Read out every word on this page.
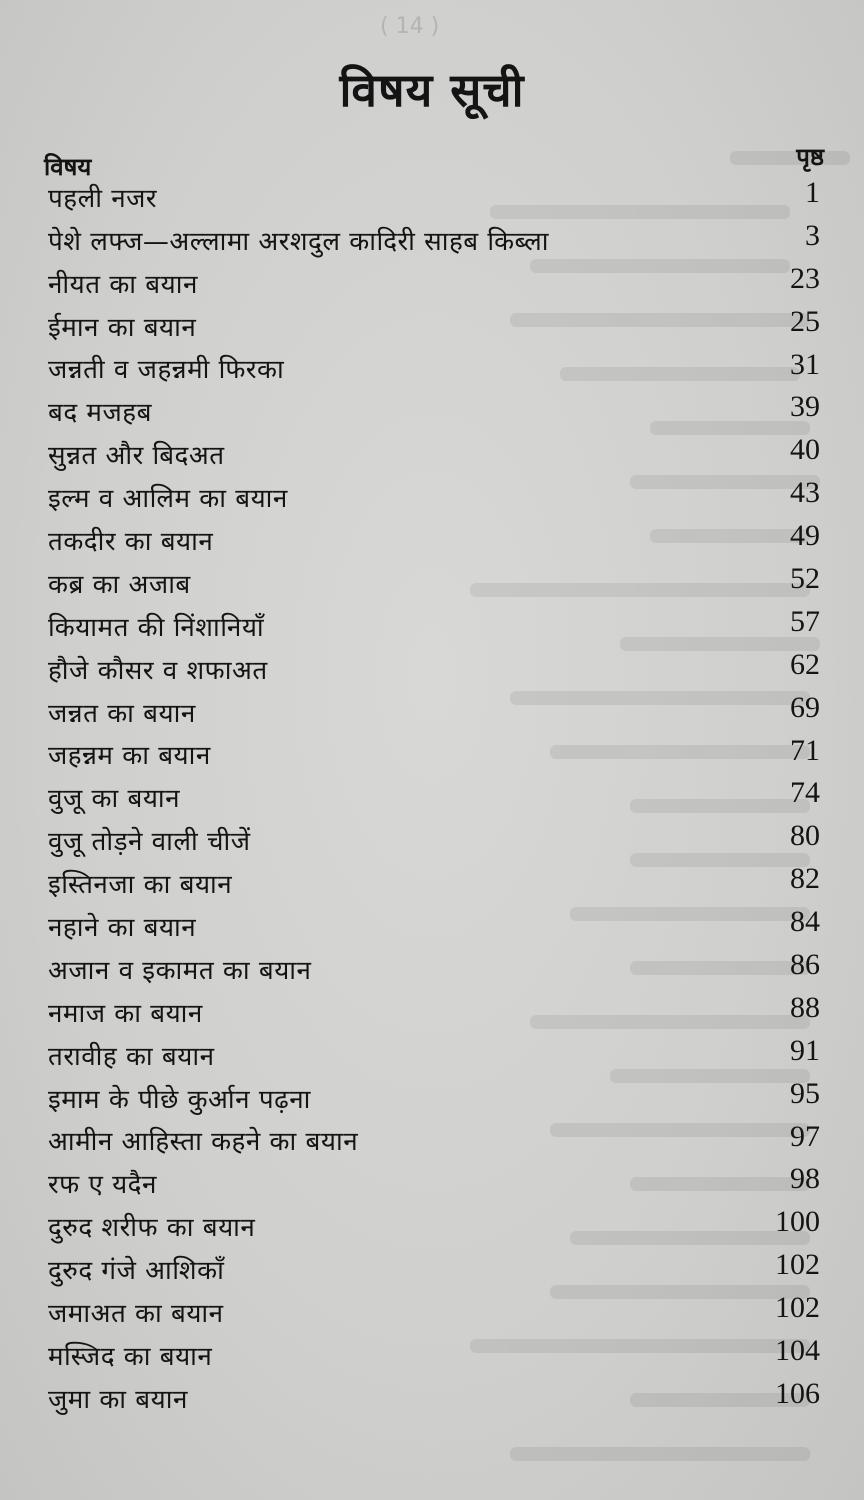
( 14 )
विषय सूची
विषय	पृष्ठ
पहली नजर	1
पेशे लफ्ज—अल्लामा अरशदुल कादिरी साहब किब्ला	3
नीयत का बयान	23
ईमान का बयान	25
जन्नती व जहन्नमी फिरका	31
बद मजहब	39
सुन्नत और बिदअत	40
इल्म व आलिम का बयान	43
तकदीर का बयान	49
कब्र का अजाब	52
कियामत की निंशानियाँ	57
हौजे कौसर व शफाअत	62
जन्नत का बयान	69
जहन्नम का बयान	71
वुजू का बयान	74
वुजू तोड़ने वाली चीजें	80
इस्तिनजा का बयान	82
नहाने का बयान	84
अजान व इकामत का बयान	86
नमाज का बयान	88
तरावीह का बयान	91
इमाम के पीछे कुर्आन पढ़ना	95
आमीन आहिस्ता कहने का बयान	97
रफ ए यदैन	98
दुरुद शरीफ का बयान	100
दुरुद गंजे आशिकाँ	102
जमाअत का बयान	102
मस्जिद का बयान	104
जुमा का बयान	106
